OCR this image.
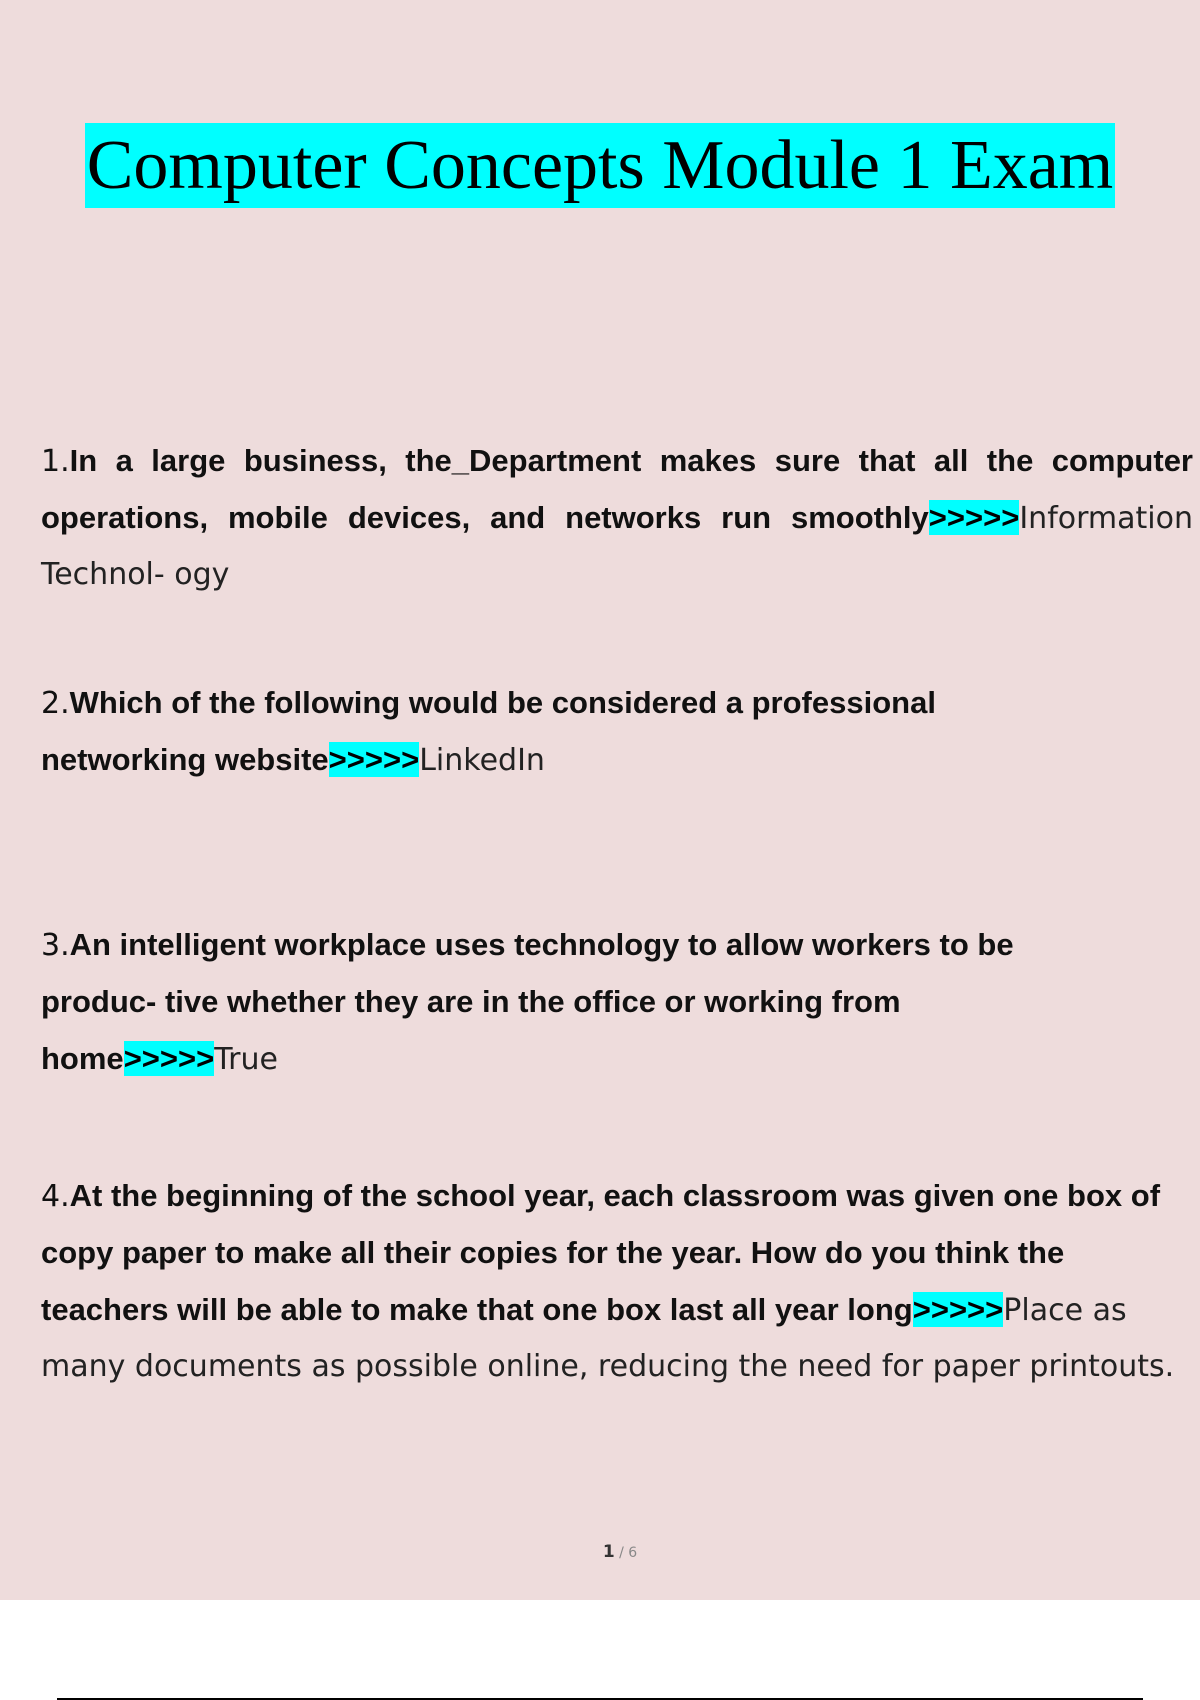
Computer Concepts Module 1 Exam

1.In a large business, the_Department makes sure that all the computer operations, mobile devices, and networks run smoothly>>>>>Information Technol- ogy

2.Which of the following would be considered a professional networking website>>>>>LinkedIn

3.An intelligent workplace uses technology to allow workers to be produc- tive whether they are in the office or working from home>>>>>True

4.At the beginning of the school year, each classroom was given one box of copy paper to make all their copies for the year. How do you think the teachers will be able to make that one box last all year long>>>>>Place as many documents as possible online, reducing the need for paper printouts.

1 / 6
